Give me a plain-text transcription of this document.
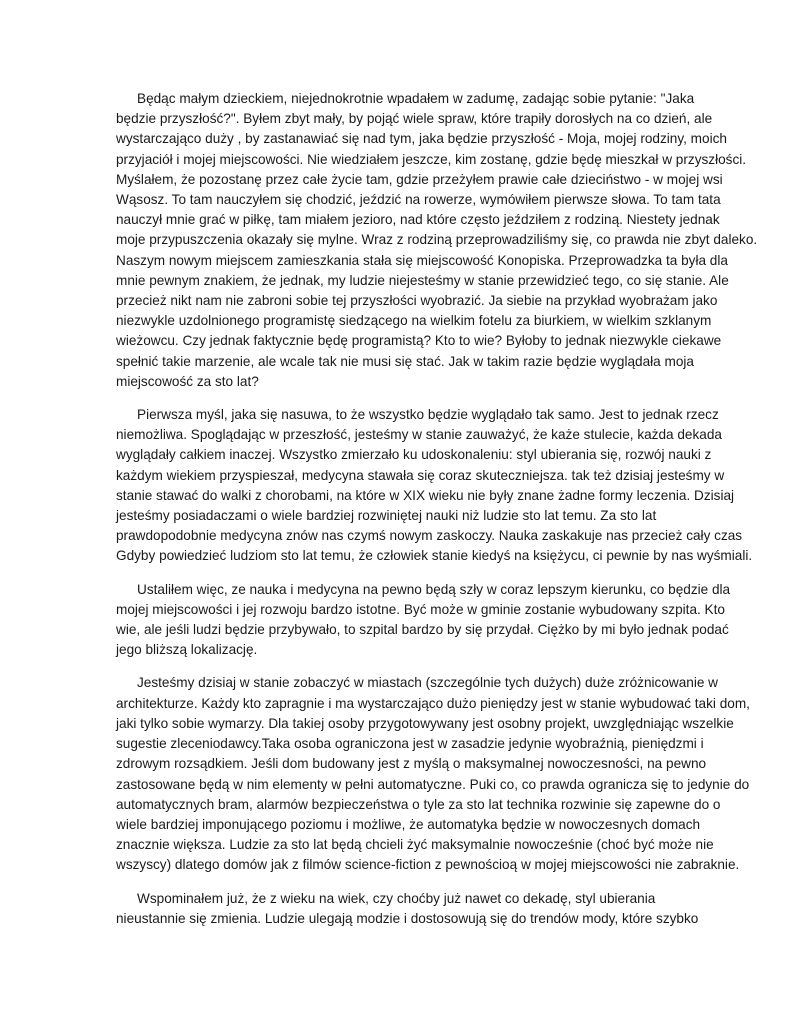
Będąc małym dzieckiem, niejednokrotnie wpadałem w zadumę, zadając sobie pytanie: "Jaka
będzie przyszłość?". Byłem zbyt mały, by pojąć wiele spraw, które trapiły dorosłych na co dzień, ale
wystarczająco duży , by zastanawiać się nad tym, jaka będzie przyszłość - Moja, mojej rodziny, moich
przyjaciół i mojej miejscowości. Nie wiedziałem jeszcze, kim zostanę, gdzie będę mieszkał w przyszłości.
Myślałem, że pozostanę przez całe życie tam, gdzie przeżyłem prawie całe dzieciństwo - w mojej wsi
Wąsosz. To tam nauczyłem się chodzić, jeździć na rowerze, wymówiłem pierwsze słowa. To tam tata
nauczył mnie grać w piłkę, tam miałem jezioro, nad które często jeździłem z rodziną. Niestety jednak
moje przypuszczenia okazały się mylne. Wraz z rodziną przeprowadziliśmy się, co prawda nie zbyt daleko.
Naszym nowym miejscem zamieszkania stała się miejscowość Konopiska. Przeprowadzka ta była dla
mnie pewnym znakiem, że jednak, my ludzie niejesteśmy w stanie przewidzieć tego, co się stanie. Ale
przecież nikt nam nie zabroni sobie tej przyszłości wyobrazić. Ja siebie na przykład wyobrażam jako
niezwykle uzdolnionego programistę siedzącego na wielkim fotelu za biurkiem, w wielkim szklanym
wieżowcu. Czy jednak faktycznie będę programistą? Kto to wie? Byłoby to jednak niezwykle ciekawe
spełnić takie marzenie, ale wcale tak nie musi się stać. Jak w takim razie będzie wyglądała moja
miejscowość za sto lat?

Pierwsza myśl, jaka się nasuwa, to że wszystko będzie wyglądało tak samo. Jest to jednak rzecz
niemożliwa. Spoglądając w przeszłość, jesteśmy w stanie zauważyć, że każe stulecie, każda dekada
wyglądały całkiem inaczej. Wszystko zmierzało ku udoskonaleniu: styl ubierania się, rozwój nauki z
każdym wiekiem przyspieszał, medycyna stawała się coraz skuteczniejsza. tak też dzisiaj jesteśmy w
stanie stawać do walki z chorobami, na które w XIX wieku nie były znane żadne formy leczenia. Dzisiaj
jesteśmy posiadaczami o wiele bardziej rozwiniętej nauki niż ludzie sto lat temu. Za sto lat
prawdopodobnie medycyna znów nas czymś nowym zaskoczy. Nauka zaskakuje nas przecież cały czas
Gdyby powiedzieć ludziom sto lat temu, że człowiek stanie kiedyś na księżycu, ci pewnie by nas wyśmiali.

Ustaliłem więc, ze nauka i medycyna na pewno będą szły w coraz lepszym kierunku, co będzie dla
mojej miejscowości i jej rozwoju bardzo istotne. Być może w gminie zostanie wybudowany szpita. Kto
wie, ale jeśli ludzi będzie przybywało, to szpital bardzo by się przydał. Ciężko by mi było jednak podać
jego bliższą lokalizację.

Jesteśmy dzisiaj w stanie zobaczyć w miastach (szczególnie tych dużych) duże zróżnicowanie w
architekturze. Każdy kto zapragnie i ma wystarczająco dużo pieniędzy jest w stanie wybudować taki dom,
jaki tylko sobie wymarzy. Dla takiej osoby przygotowywany jest osobny projekt, uwzględniając wszelkie
sugestie zleceniodawcy.Taka osoba ograniczona jest w zasadzie jedynie wyobraźnią, pieniędzmi i
zdrowym rozsądkiem. Jeśli dom budowany jest z myślą o maksymalnej nowoczesności, na pewno
zastosowane będą w nim elementy w pełni automatyczne. Puki co, co prawda ogranicza się to jedynie do
automatycznych bram, alarmów bezpieczeństwa o tyle za sto lat technika rozwinie się zapewne do o
wiele bardziej imponującego poziomu i możliwe, że automatyka będzie w nowoczesnych domach
znacznie większa. Ludzie za sto lat będą chcieli żyć maksymalnie nowocześnie (choć być może nie
wszyscy) dlatego domów jak z filmów science-fiction z pewnościoą w mojej miejscowości nie zabraknie.

Wspominałem już, że z wieku na wiek, czy choćby już nawet co dekadę, styl ubierania
nieustannie się zmienia. Ludzie ulegają modzie i dostosowują się do trendów mody, które szybko
